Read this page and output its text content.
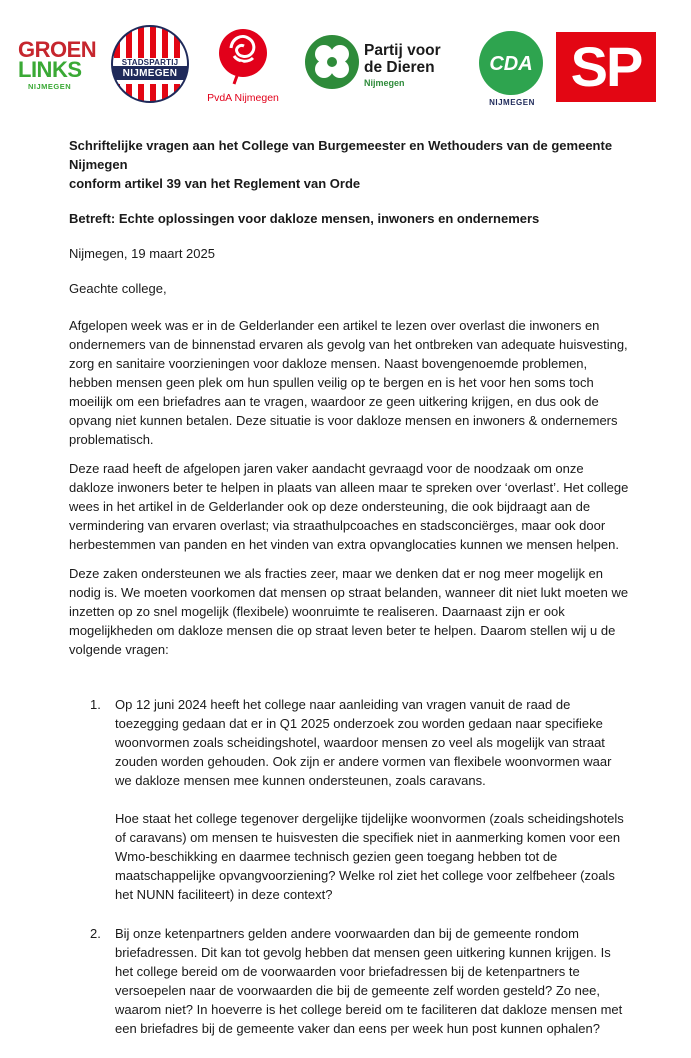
GROEN
LINKS
NIJMEGEN
STADSPARTIJ
NIJMEGEN
PvdA Nijmegen
Partij voor
de Dieren
Nijmegen
CDA
NIJMEGEN
SP

Schriftelijke vragen aan het College van Burgemeester en Wethouders van de gemeente Nijmegen
conform artikel 39 van het Reglement van Orde

Betreft: Echte oplossingen voor dakloze mensen, inwoners en ondernemers

Nijmegen, 19 maart 2025

Geachte college,

Afgelopen week was er in de Gelderlander een artikel te lezen over overlast die inwoners en ondernemers van de binnenstad ervaren als gevolg van het ontbreken van adequate huisvesting, zorg en sanitaire voorzieningen voor dakloze mensen. Naast bovengenoemde problemen, hebben mensen geen plek om hun spullen veilig op te bergen en is het voor hen soms toch moeilijk om een briefadres aan te vragen, waardoor ze geen uitkering krijgen, en dus ook de opvang niet kunnen betalen. Deze situatie is voor dakloze mensen en inwoners & ondernemers problematisch.

Deze raad heeft de afgelopen jaren vaker aandacht gevraagd voor de noodzaak om onze dakloze inwoners beter te helpen in plaats van alleen maar te spreken over ‘overlast’. Het college wees in het artikel in de Gelderlander ook op deze ondersteuning, die ook bijdraagt aan de vermindering van ervaren overlast; via straathulpcoaches en stadsconciërges, maar ook door herbestemmen van panden en het vinden van extra opvanglocaties kunnen we mensen helpen.

Deze zaken ondersteunen we als fracties zeer, maar we denken dat er nog meer mogelijk en nodig is. We moeten voorkomen dat mensen op straat belanden, wanneer dit niet lukt moeten we inzetten op zo snel mogelijk (flexibele) woonruimte te realiseren. Daarnaast zijn er ook mogelijkheden om dakloze mensen die op straat leven beter te helpen. Daarom stellen wij u de volgende vragen:

1.	Op 12 juni 2024 heeft het college naar aanleiding van vragen vanuit de raad de toezegging gedaan dat er in Q1 2025 onderzoek zou worden gedaan naar specifieke woonvormen zoals scheidingshotel, waardoor mensen zo veel als mogelijk van straat zouden worden gehouden. Ook zijn er andere vormen van flexibele woonvormen waar we dakloze mensen mee kunnen ondersteunen, zoals caravans.

Hoe staat het college tegenover dergelijke tijdelijke woonvormen (zoals scheidingshotels of caravans) om mensen te huisvesten die specifiek niet in aanmerking komen voor een Wmo-beschikking en daarmee technisch gezien geen toegang hebben tot de maatschappelijke opvangvoorziening? Welke rol ziet het college voor zelfbeheer (zoals het NUNN faciliteert) in deze context?

2.	Bij onze ketenpartners gelden andere voorwaarden dan bij de gemeente rondom briefadressen. Dit kan tot gevolg hebben dat mensen geen uitkering kunnen krijgen. Is het college bereid om de voorwaarden voor briefadressen bij de ketenpartners te versoepelen naar de voorwaarden die bij de gemeente zelf worden gesteld? Zo nee, waarom niet? In hoeverre is het college bereid om te faciliteren dat dakloze mensen met een briefadres bij de gemeente vaker dan eens per week hun post kunnen ophalen?
